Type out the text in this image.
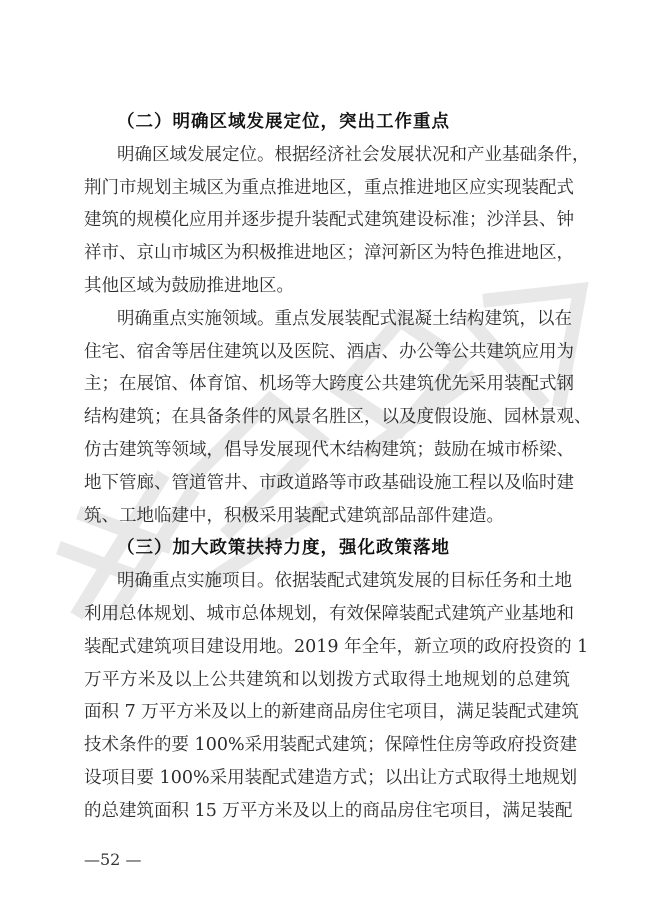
（二）明确区域发展定位，突出工作重点
明确区域发展定位。根据经济社会发展状况和产业基础条件，
荆门市规划主城区为重点推进地区，重点推进地区应实现装配式
建筑的规模化应用并逐步提升装配式建筑建设标准；沙洋县、钟
祥市、京山市城区为积极推进地区；漳河新区为特色推进地区，
其他区域为鼓励推进地区。
明确重点实施领域。重点发展装配式混凝土结构建筑，以在
住宅、宿舍等居住建筑以及医院、酒店、办公等公共建筑应用为
主；在展馆、体育馆、机场等大跨度公共建筑优先采用装配式钢
结构建筑；在具备条件的风景名胜区，以及度假设施、园林景观、
仿古建筑等领域，倡导发展现代木结构建筑；鼓励在城市桥梁、
地下管廊、管道管井、市政道路等市政基础设施工程以及临时建
筑、工地临建中，积极采用装配式建筑部品部件建造。
（三）加大政策扶持力度，强化政策落地
明确重点实施项目。依据装配式建筑发展的目标任务和土地
利用总体规划、城市总体规划，有效保障装配式建筑产业基地和
装配式建筑项目建设用地。2019 年全年，新立项的政府投资的 1
万平方米及以上公共建筑和以划拨方式取得土地规划的总建筑
面积 7 万平方米及以上的新建商品房住宅项目，满足装配式建筑
技术条件的要 100%采用装配式建筑；保障性住房等政府投资建
设项目要 100%采用装配式建造方式；以出让方式取得土地规划
的总建筑面积 15 万平方米及以上的商品房住宅项目，满足装配
—52 —
